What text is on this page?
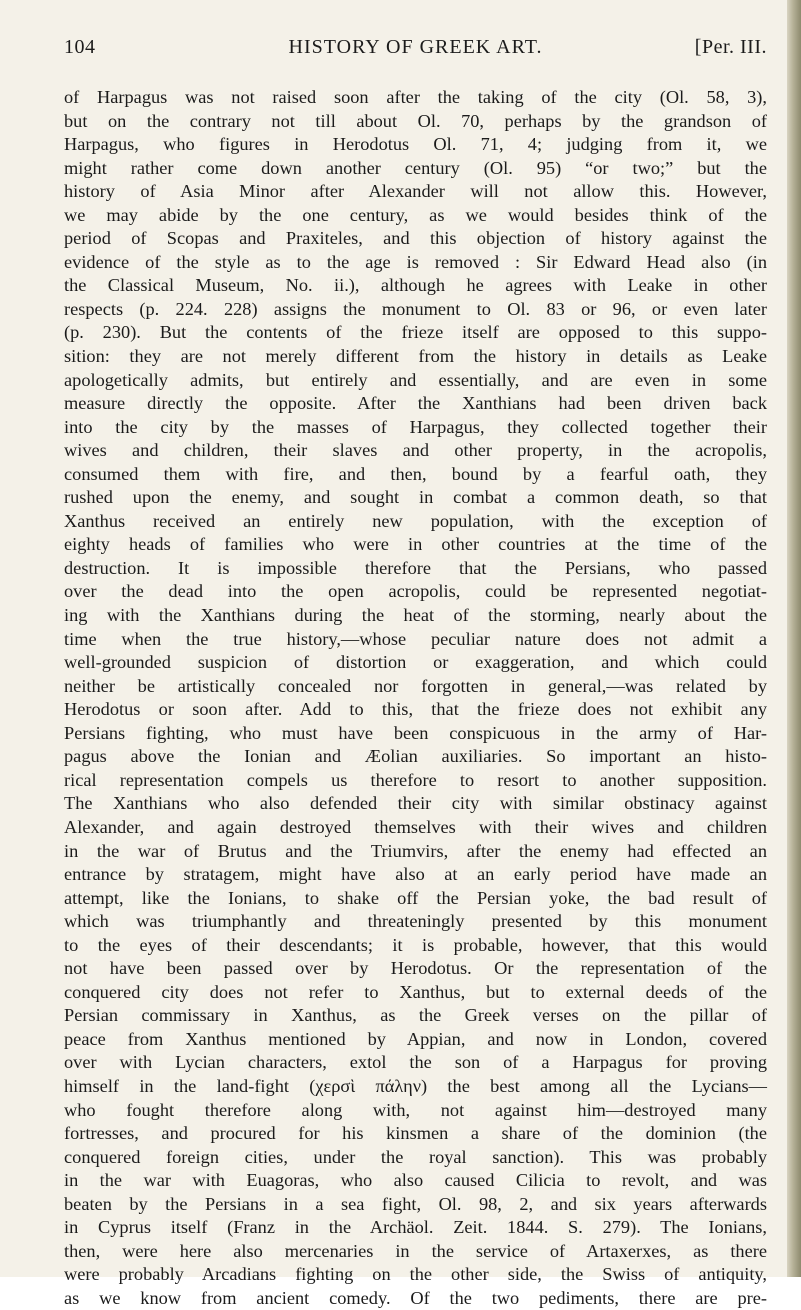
104	HISTORY OF GREEK ART.	[Per. III.
of Harpagus was not raised soon after the taking of the city (Ol. 58, 3),
but on the contrary not till about Ol. 70, perhaps by the grandson of
Harpagus, who figures in Herodotus Ol. 71, 4; judging from it, we
might rather come down another century (Ol. 95) “or two;” but the
history of Asia Minor after Alexander will not allow this. However,
we may abide by the one century, as we would besides think of the
period of Scopas and Praxiteles, and this objection of history against the
evidence of the style as to the age is removed : Sir Edward Head also (in
the Classical Museum, No. ii.), although he agrees with Leake in other
respects (p. 224. 228) assigns the monument to Ol. 83 or 96, or even later
(p. 230). But the contents of the frieze itself are opposed to this suppo-
sition: they are not merely different from the history in details as Leake
apologetically admits, but entirely and essentially, and are even in some
measure directly the opposite. After the Xanthians had been driven back
into the city by the masses of Harpagus, they collected together their
wives and children, their slaves and other property, in the acropolis,
consumed them with fire, and then, bound by a fearful oath, they
rushed upon the enemy, and sought in combat a common death, so that
Xanthus received an entirely new population, with the exception of
eighty heads of families who were in other countries at the time of the
destruction. It is impossible therefore that the Persians, who passed
over the dead into the open acropolis, could be represented negotiat-
ing with the Xanthians during the heat of the storming, nearly about the
time when the true history,—whose peculiar nature does not admit a
well-grounded suspicion of distortion or exaggeration, and which could
neither be artistically concealed nor forgotten in general,—was related by
Herodotus or soon after. Add to this, that the frieze does not exhibit any
Persians fighting, who must have been conspicuous in the army of Har-
pagus above the Ionian and Æolian auxiliaries. So important an histo-
rical representation compels us therefore to resort to another supposition.
The Xanthians who also defended their city with similar obstinacy against
Alexander, and again destroyed themselves with their wives and children
in the war of Brutus and the Triumvirs, after the enemy had effected an
entrance by stratagem, might have also at an early period have made an
attempt, like the Ionians, to shake off the Persian yoke, the bad result of
which was triumphantly and threateningly presented by this monument
to the eyes of their descendants; it is probable, however, that this would
not have been passed over by Herodotus. Or the representation of the
conquered city does not refer to Xanthus, but to external deeds of the
Persian commissary in Xanthus, as the Greek verses on the pillar of
peace from Xanthus mentioned by Appian, and now in London, covered
over with Lycian characters, extol the son of a Harpagus for proving
himself in the land-fight (χερσὶ πάλην) the best among all the Lycians—
who fought therefore along with, not against him—destroyed many
fortresses, and procured for his kinsmen a share of the dominion (the
conquered foreign cities, under the royal sanction). This was probably
in the war with Euagoras, who also caused Cilicia to revolt, and was
beaten by the Persians in a sea fight, Ol. 98, 2, and six years afterwards
in Cyprus itself (Franz in the Archäol. Zeit. 1844. S. 279). The Ionians,
then, were here also mercenaries in the service of Artaxerxes, as there
were probably Arcadians fighting on the other side, the Swiss of antiquity,
as we know from ancient comedy. Of the two pediments, there are pre-
